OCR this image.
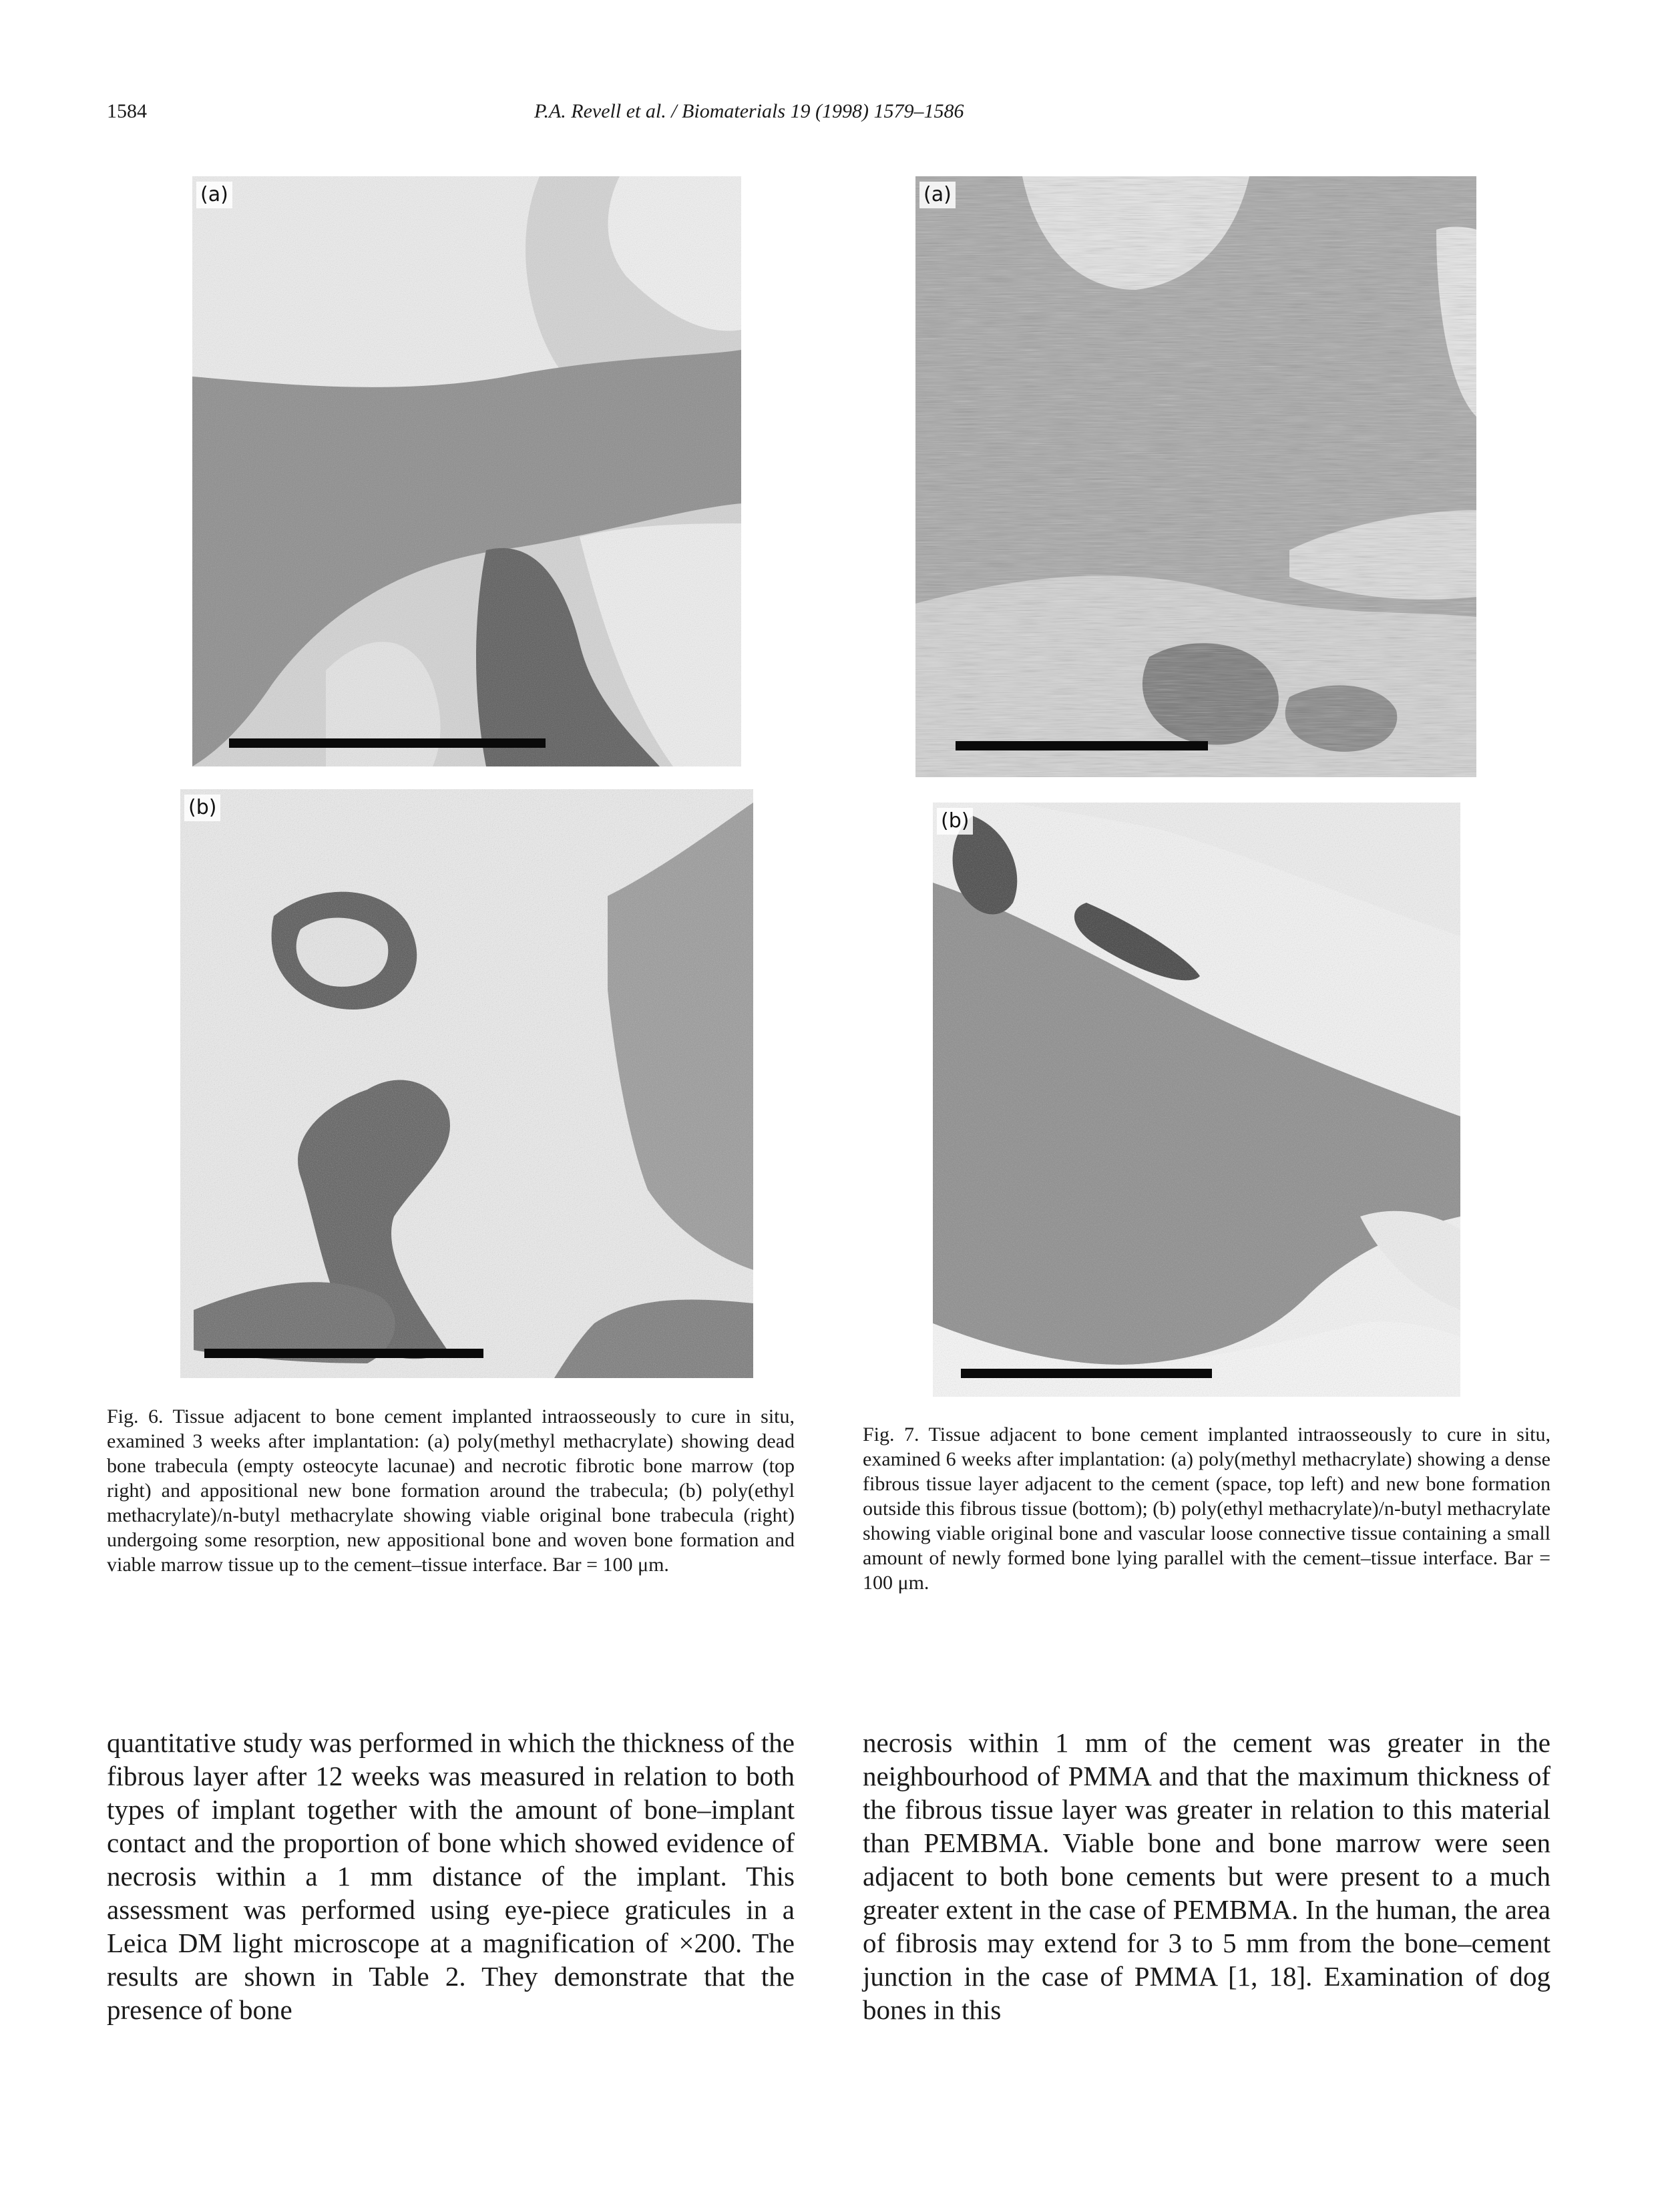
1584	P.A. Revell et al. / Biomaterials 19 (1998) 1579–1586
(a)
(b)
(a)
(b)

Fig. 6. Tissue adjacent to bone cement implanted intraosseously to cure in situ, examined 3 weeks after implantation: (a) poly(methyl methacrylate) showing dead bone trabecula (empty osteocyte lacunae) and necrotic fibrotic bone marrow (top right) and appositional new bone formation around the trabecula; (b) poly(ethyl methacrylate)/n-butyl methacrylate showing viable original bone trabecula (right) undergoing some resorption, new appositional bone and woven bone formation and viable marrow tissue up to the cement–tissue interface. Bar = 100 μm.

Fig. 7. Tissue adjacent to bone cement implanted intraosseously to cure in situ, examined 6 weeks after implantation: (a) poly(methyl methacrylate) showing a dense fibrous tissue layer adjacent to the cement (space, top left) and new bone formation outside this fibrous tissue (bottom); (b) poly(ethyl methacrylate)/n-butyl methacrylate showing viable original bone and vascular loose connective tissue containing a small amount of newly formed bone lying parallel with the cement–tissue interface. Bar = 100 μm.

quantitative study was performed in which the thickness of the fibrous layer after 12 weeks was measured in relation to both types of implant together with the amount of bone–implant contact and the proportion of bone which showed evidence of necrosis within a 1 mm distance of the implant. This assessment was performed using eye-piece graticules in a Leica DM light microscope at a magnification of ×200. The results are shown in Table 2. They demonstrate that the presence of bone

necrosis within 1 mm of the cement was greater in the neighbourhood of PMMA and that the maximum thickness of the fibrous tissue layer was greater in relation to this material than PEMBMA. Viable bone and bone marrow were seen adjacent to both bone cements but were present to a much greater extent in the case of PEMBMA. In the human, the area of fibrosis may extend for 3 to 5 mm from the bone–cement junction in the case of PMMA [1, 18]. Examination of dog bones in this
